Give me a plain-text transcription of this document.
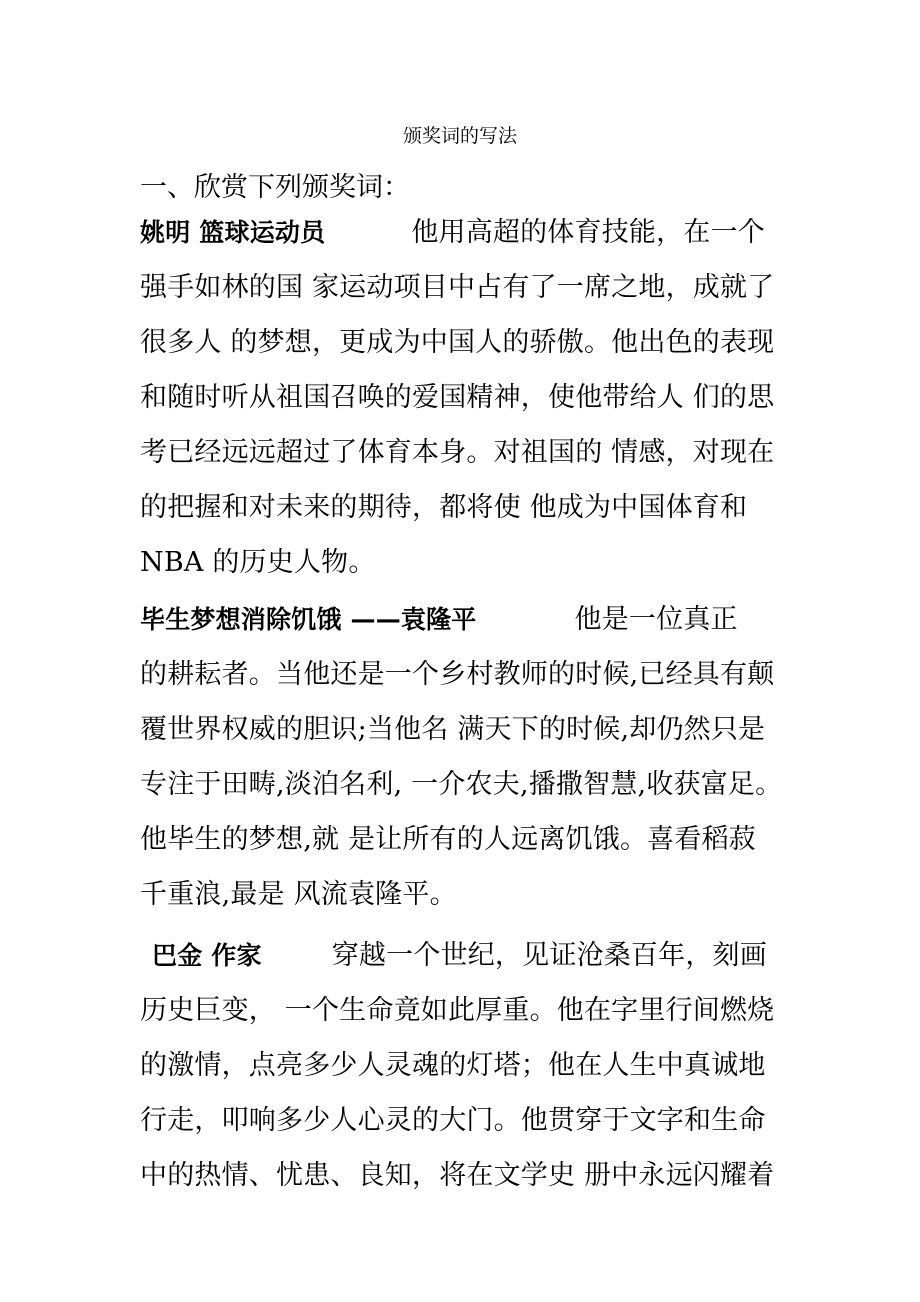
颁奖词的写法
一、欣赏下列颁奖词：
姚明 篮球运动员	他用高超的体育技能，在一个
强手如林的国 家运动项目中占有了一席之地，成就了
很多人 的梦想，更成为中国人的骄傲。他出色的表现
和随时听从祖国召唤的爱国精神，使他带给人 们的思
考已经远远超过了体育本身。对祖国的 情感，对现在
的把握和对未来的期待，都将使 他成为中国体育和
NBA 的历史人物。
毕生梦想消除饥饿 ——袁隆平	他是一位真正
的耕耘者。当他还是一个乡村教师的时候,已经具有颠
覆世界权威的胆识;当他名 满天下的时候,却仍然只是
专注于田畴,淡泊名利, 一介农夫,播撒智慧,收获富足。
他毕生的梦想,就 是让所有的人远离饥饿。喜看稻菽
千重浪,最是 风流袁隆平。
巴金 作家	穿越一个世纪，见证沧桑百年，刻画
历史巨变， 一个生命竟如此厚重。他在字里行间燃烧
的激情，点亮多少人灵魂的灯塔；他在人生中真诚地
行走，叩响多少人心灵的大门。他贯穿于文字和生命
中的热情、忧患、良知，将在文学史 册中永远闪耀着
